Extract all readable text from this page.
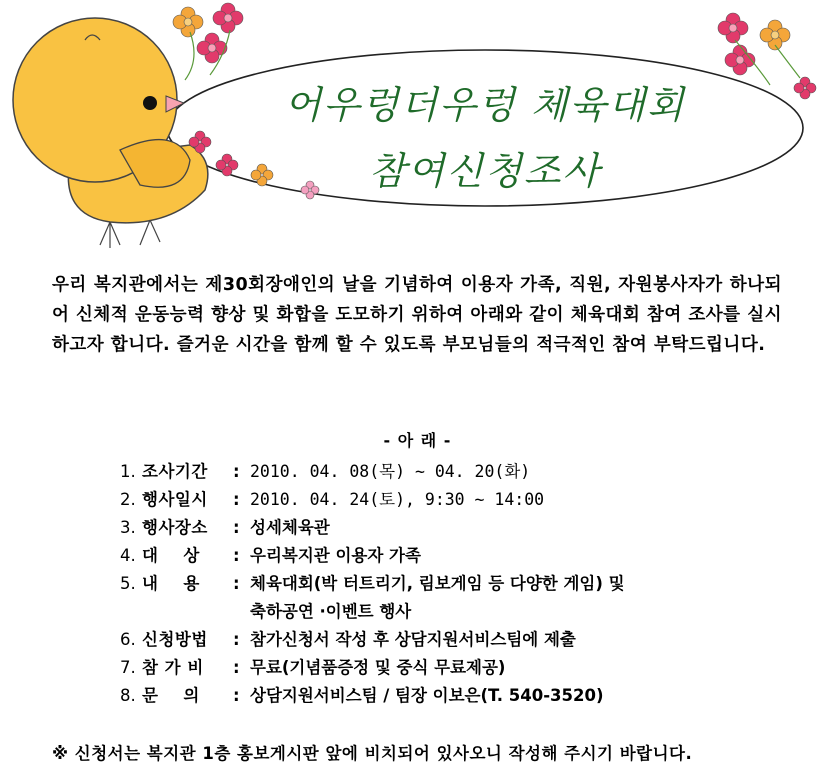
어우렁더우렁 체육대회
참여신청조사
우리 복지관에서는 제30회장애인의 날을 기념하여 이용자 가족, 직원, 자원봉사자가 하나되어 신체적 운동능력 향상 및 화합을 도모하기 위하여 아래와 같이 체육대회 참여 조사를 실시하고자 합니다. 즐거운 시간을 함께 할 수 있도록 부모님들의 적극적인 참여 부탁드립니다.
- 아 래 -
1. 조사기간	: 2010. 04. 08(목) ~ 04. 20(화)
2. 행사일시	: 2010. 04. 24(토), 9:30 ~ 14:00
3. 행사장소	: 성세체육관
4. 대    상	: 우리복지관 이용자 가족
5. 내    용	: 체육대회(박 터트리기, 림보게임 등 다양한 게임) 및
축하공연 ·이벤트 행사
6. 신청방법	: 참가신청서 작성 후 상담지원서비스팀에 제출
7. 참 가 비	: 무료(기념품증정 및 중식 무료제공)
8. 문    의	: 상담지원서비스팀 / 팀장 이보은(T. 540-3520)
※ 신청서는 복지관 1층 홍보게시판 앞에 비치되어 있사오니 작성해 주시기 바랍니다.
